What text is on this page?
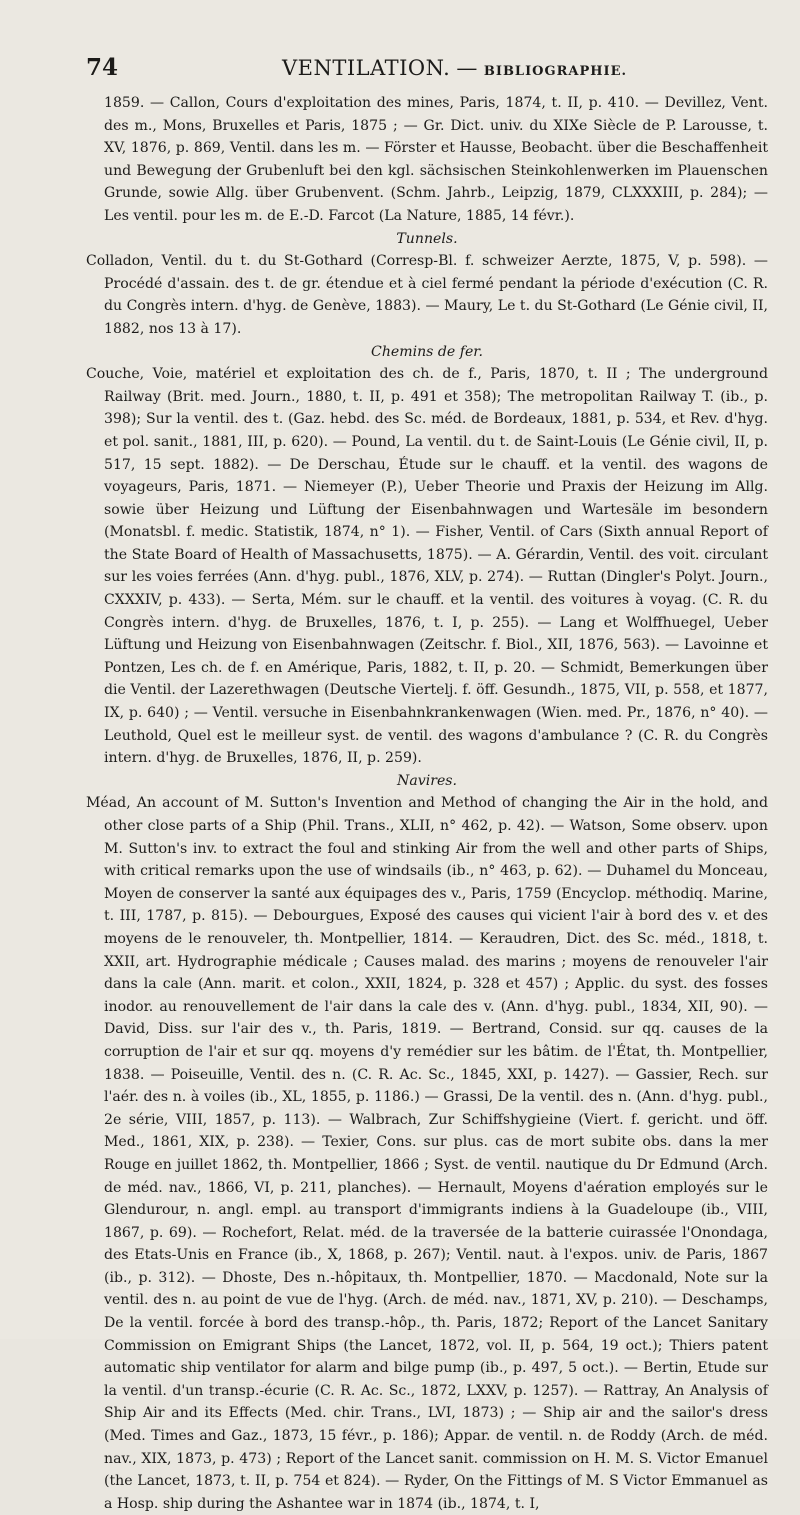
74	VENTILATION. — BIBLIOGRAPHIE.

1859. — Callon, Cours d'exploitation des mines, Paris, 1874, t. II, p. 410. — Devillez, Vent. des m., Mons, Bruxelles et Paris, 1875 ; — Gr. Dict. univ. du XIXe Siècle de P. Larousse, t. XV, 1876, p. 869, Ventil. dans les m. — Förster et Hausse, Beobacht. über die Beschaffenheit und Bewegung der Grubenluft bei den kgl. sächsischen Steinkohlenwerken im Plauenschen Grunde, sowie Allg. über Grubenvent. (Schm. Jahrb., Leipzig, 1879, CLXXXIII, p. 284); — Les ventil. pour les m. de E.-D. Farcot (La Nature, 1885, 14 févr.).

Tunnels.

Colladon, Ventil. du t. du St-Gothard (Corresp-Bl. f. schweizer Aerzte, 1875, V, p. 598). — Procédé d'assain. des t. de gr. étendue et à ciel fermé pendant la période d'exécution (C. R. du Congrès intern. d'hyg. de Genève, 1883). — Maury, Le t. du St-Gothard (Le Génie civil, II, 1882, nos 13 à 17).

Chemins de fer.

Couche, Voie, matériel et exploitation des ch. de f., Paris, 1870, t. II ; The underground Railway (Brit. med. Journ., 1880, t. II, p. 491 et 358); The metropolitan Railway T. (ib., p. 398); Sur la ventil. des t. (Gaz. hebd. des Sc. méd. de Bordeaux, 1881, p. 534, et Rev. d'hyg. et pol. sanit., 1881, III, p. 620). — Pound, La ventil. du t. de Saint-Louis (Le Génie civil, II, p. 517, 15 sept. 1882). — De Derschau, Étude sur le chauff. et la ventil. des wagons de voyageurs, Paris, 1871. — Niemeyer (P.), Ueber Theorie und Praxis der Heizung im Allg. sowie über Heizung und Lüftung der Eisenbahnwagen und Wartesäle im besondern (Monatsbl. f. medic. Statistik, 1874, n° 1). — Fisher, Ventil. of Cars (Sixth annual Report of the State Board of Health of Massachusetts, 1875). — A. Gérardin, Ventil. des voit. circulant sur les voies ferrées (Ann. d'hyg. publ., 1876, XLV, p. 274). — Ruttan (Dingler's Polyt. Journ., CXXXIV, p. 433). — Serta, Mém. sur le chauff. et la ventil. des voitures à voyag. (C. R. du Congrès intern. d'hyg. de Bruxelles, 1876, t. I, p. 255). — Lang et Wolffhuegel, Ueber Lüftung und Heizung von Eisenbahnwagen (Zeitschr. f. Biol., XII, 1876, 563). — Lavoinne et Pontzen, Les ch. de f. en Amérique, Paris, 1882, t. II, p. 20. — Schmidt, Bemerkungen über die Ventil. der Lazerethwagen (Deutsche Viertelj. f. öff. Gesundh., 1875, VII, p. 558, et 1877, IX, p. 640) ; — Ventil. versuche in Eisenbahnkrankenwagen (Wien. med. Pr., 1876, n° 40). — Leuthold, Quel est le meilleur syst. de ventil. des wagons d'ambulance ? (C. R. du Congrès intern. d'hyg. de Bruxelles, 1876, II, p. 259).

Navires.

Méad, An account of M. Sutton's Invention and Method of changing the Air in the hold, and other close parts of a Ship (Phil. Trans., XLII, n° 462, p. 42). — Watson, Some observ. upon M. Sutton's inv. to extract the foul and stinking Air from the well and other parts of Ships, with critical remarks upon the use of windsails (ib., n° 463, p. 62). — Duhamel du Monceau, Moyen de conserver la santé aux équipages des v., Paris, 1759 (Encyclop. méthodiq. Marine, t. III, 1787, p. 815). — Debourgues, Exposé des causes qui vicient l'air à bord des v. et des moyens de le renouveler, th. Montpellier, 1814. — Keraudren, Dict. des Sc. méd., 1818, t. XXII, art. Hydrographie médicale ; Causes malad. des marins ; moyens de renouveler l'air dans la cale (Ann. marit. et colon., XXII, 1824, p. 328 et 457) ; Applic. du syst. des fosses inodor. au renouvellement de l'air dans la cale des v. (Ann. d'hyg. publ., 1834, XII, 90). — David, Diss. sur l'air des v., th. Paris, 1819. — Bertrand, Consid. sur qq. causes de la corruption de l'air et sur qq. moyens d'y remédier sur les bâtim. de l'État, th. Montpellier, 1838. — Poiseuille, Ventil. des n. (C. R. Ac. Sc., 1845, XXI, p. 1427). — Gassier, Rech. sur l'aér. des n. à voiles (ib., XL, 1855, p. 1186.) — Grassi, De la ventil. des n. (Ann. d'hyg. publ., 2e série, VIII, 1857, p. 113). — Walbrach, Zur Schiffshygieine (Viert. f. gericht. und öff. Med., 1861, XIX, p. 238). — Texier, Cons. sur plus. cas de mort subite obs. dans la mer Rouge en juillet 1862, th. Montpellier, 1866 ; Syst. de ventil. nautique du Dr Edmund (Arch. de méd. nav., 1866, VI, p. 211, planches). — Hernault, Moyens d'aération employés sur le Glendurour, n. angl. empl. au transport d'immigrants indiens à la Guadeloupe (ib., VIII, 1867, p. 69). — Rochefort, Relat. méd. de la traversée de la batterie cuirassée l'Onondaga, des Etats-Unis en France (ib., X, 1868, p. 267); Ventil. naut. à l'expos. univ. de Paris, 1867 (ib., p. 312). — Dhoste, Des n.-hôpitaux, th. Montpellier, 1870. — Macdonald, Note sur la ventil. des n. au point de vue de l'hyg. (Arch. de méd. nav., 1871, XV, p. 210). — Deschamps, De la ventil. forcée à bord des transp.-hôp., th. Paris, 1872; Report of the Lancet Sanitary Commission on Emigrant Ships (the Lancet, 1872, vol. II, p. 564, 19 oct.); Thiers patent automatic ship ventilator for alarm and bilge pump (ib., p. 497, 5 oct.). — Bertin, Etude sur la ventil. d'un transp.-écurie (C. R. Ac. Sc., 1872, LXXV, p. 1257). — Rattray, An Analysis of Ship Air and its Effects (Med. chir. Trans., LVI, 1873) ; — Ship air and the sailor's dress (Med. Times and Gaz., 1873, 15 févr., p. 186); Appar. de ventil. n. de Roddy (Arch. de méd. nav., XIX, 1873, p. 473) ; Report of the Lancet sanit. commission on H. M. S. Victor Emanuel (the Lancet, 1873, t. II, p. 754 et 824). — Ryder, On the Fittings of M. S Victor Emmanuel as a Hosp. ship during the Ashantee war in 1874 (ib., 1874, t. I,
